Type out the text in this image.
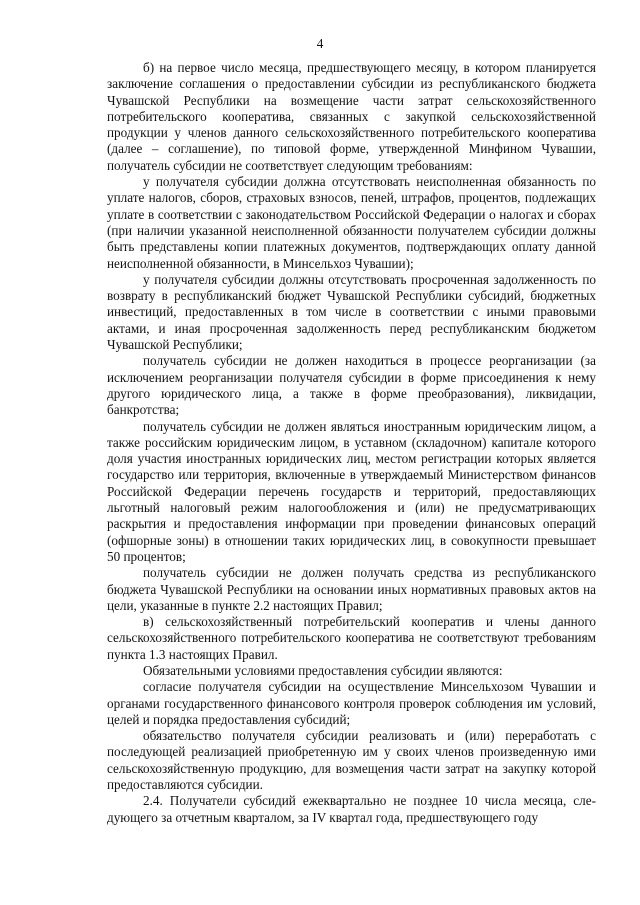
4

б) на первое число месяца, предшествующего месяцу, в котором планируется заключение соглашения о предоставлении субсидии из республиканского бюджета Чувашской Республики на возмещение части затрат сельскохозяйственного потребительского кооператива, связанных с закупкой сельскохозяйственной продукции у членов данного сельскохозяйственного потребительского кооператива (далее – соглашение), по типовой форме, утвержденной Минфином Чувашии, получатель субсидии не соответствует следующим требованиям:

у получателя субсидии должна отсутствовать неисполненная обязанность по уплате налогов, сборов, страховых взносов, пеней, штрафов, процентов, подлежащих уплате в соответствии с законодательством Российской Федерации о налогах и сборах (при наличии указанной неисполненной обязанности получателем субсидии должны быть представлены копии платежных документов, подтверждающих оплату данной неисполненной обязанности, в Минсельхоз Чувашии);

у получателя субсидии должны отсутствовать просроченная задолженность по возврату в республиканский бюджет Чувашской Республики субсидий, бюджетных инвестиций, предоставленных в том числе в соответствии с иными правовыми актами, и иная просроченная задолженность перед республиканским бюджетом Чувашской Республики;

получатель субсидии не должен находиться в процессе реорганизации (за исключением реорганизации получателя субсидии в форме присоединения к нему другого юридического лица, а также в форме преобразования), ликвидации, банкротства;

получатель субсидии не должен являться иностранным юридическим лицом, а также российским юридическим лицом, в уставном (складочном) капитале которого доля участия иностранных юридических лиц, местом регистрации которых является государство или территория, включенные в утверждаемый Министерством финансов Российской Федерации перечень государств и территорий, предоставляющих льготный налоговый режим налогообложения и (или) не предусматривающих раскрытия и предоставления информации при проведении финансовых операций (офшорные зоны) в отношении таких юридических лиц, в совокупности превышает 50 процентов;

получатель субсидии не должен получать средства из республиканского бюджета Чувашской Республики на основании иных нормативных правовых актов на цели, указанные в пункте 2.2 настоящих Правил;

в) сельскохозяйственный потребительский кооператив и члены данного сельскохозяйственного потребительского кооператива не соответствуют требованиям пункта 1.3 настоящих Правил.

Обязательными условиями предоставления субсидии являются:

согласие получателя субсидии на осуществление Минсельхозом Чувашии и органами государственного финансового контроля проверок соблюдения им условий, целей и порядка предоставления субсидий;

обязательство получателя субсидии реализовать и (или) переработать с последующей реализацией приобретенную им у своих членов произведенную ими сельскохозяйственную продукцию, для возмещения части затрат на закупку которой предоставляются субсидии.

2.4. Получатели субсидий ежеквартально не позднее 10 числа месяца, следующего за отчетным кварталом, за IV квартал года, предшествующего году
